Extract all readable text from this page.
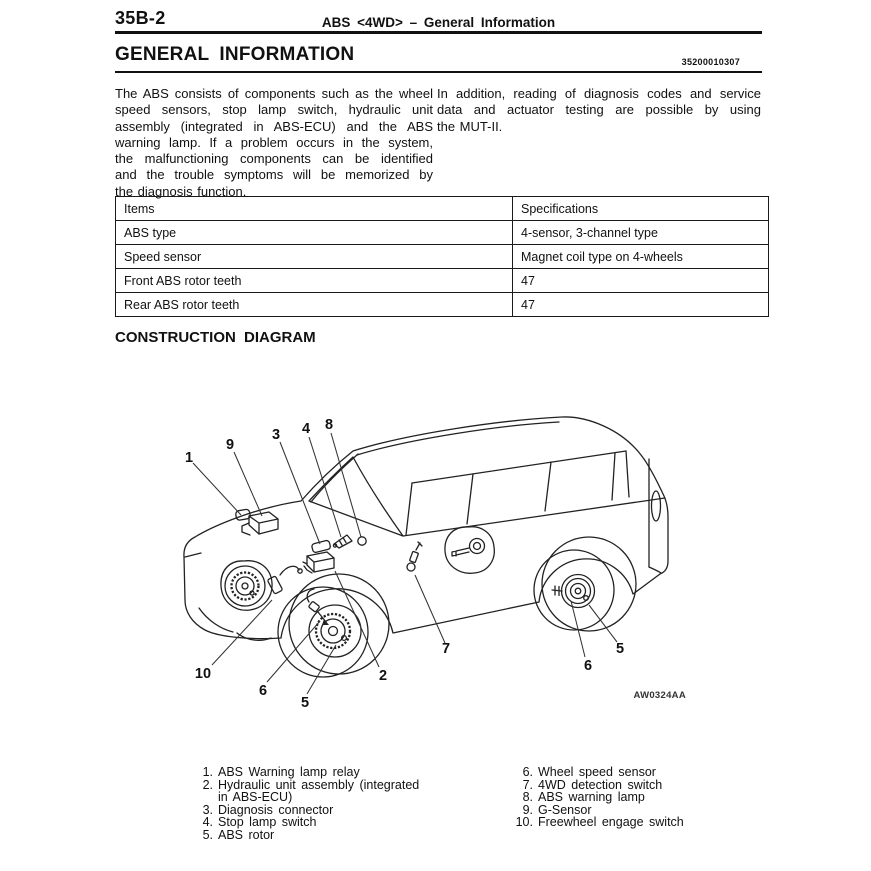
35B-2	ABS <4WD> – General Information
GENERAL INFORMATION	35200010307
The ABS consists of components such as the wheel
speed sensors, stop lamp switch, hydraulic unit
assembly (integrated in ABS-ECU) and the ABS
warning lamp. If a problem occurs in the system,
the malfunctioning components can be identified
and the trouble symptoms will be memorized by
the diagnosis function.
In addition, reading of diagnosis codes and service
data and actuator testing are possible by using
the MUT-II.
Items	Specifications
ABS type	4-sensor, 3-channel type
Speed sensor	Magnet coil type on 4-wheels
Front ABS rotor teeth	47
Rear ABS rotor teeth	47
CONSTRUCTION DIAGRAM
1
9
3 4 8
10
6
5
2
7
6
5
AW0324AA
1. ABS Warning lamp relay
2. Hydraulic unit assembly (integrated in ABS-ECU)
3. Diagnosis connector
4. Stop lamp switch
5. ABS rotor
6. Wheel speed sensor
7. 4WD detection switch
8. ABS warning lamp
9. G-Sensor
10. Freewheel engage switch
